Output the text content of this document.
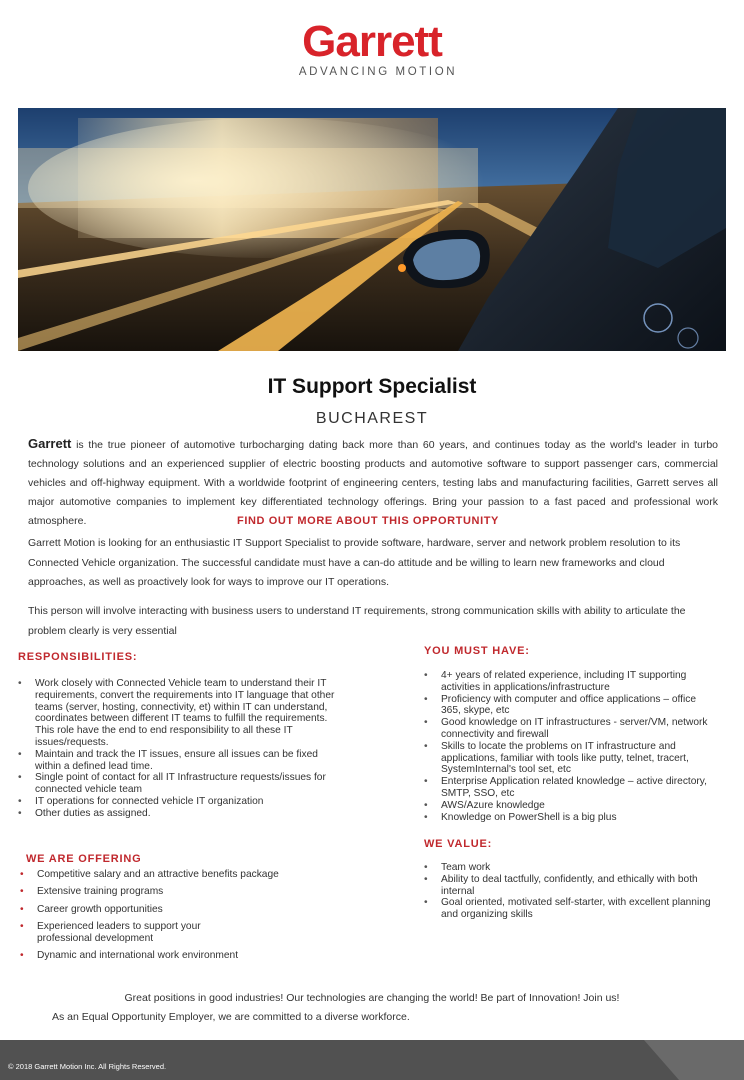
Garrett
ADVANCING MOTION
IT Support Specialist
BUCHAREST
Garrett is the true pioneer of automotive turbocharging dating back more than 60 years, and continues today as the world's leader in turbo technology solutions and an experienced supplier of electric boosting products and automotive software to support passenger cars, commercial vehicles and off-highway equipment. With a worldwide footprint of engineering centers, testing labs and manufacturing facilities, Garrett serves all major automotive companies to implement key differentiated technology offerings. Bring your passion to a fast paced and professional work atmosphere.	FIND OUT MORE ABOUT THIS OPPORTUNITY
Garrett Motion is looking for an enthusiastic IT Support Specialist to provide software, hardware, server and network problem resolution to its Connected Vehicle organization. The successful candidate must have a can-do attitude and be willing to learn new frameworks and cloud approaches, as well as proactively look for ways to improve our IT operations.
This person will involve interacting with business users to understand IT requirements, strong communication skills with ability to articulate the problem clearly is very essential
RESPONSIBILITIES:
• Work closely with Connected Vehicle team to understand their IT requirements, convert the requirements into IT language that other teams (server, hosting, connectivity, et) within IT can understand, coordinates between different IT teams to fulfill the requirements. This role have the end to end responsibility to all these IT issues/requests.
• Maintain and track the IT issues, ensure all issues can be fixed within a defined lead time.
• Single point of contact for all IT Infrastructure requests/issues for connected vehicle team
• IT operations for connected vehicle IT organization
• Other duties as assigned.
WE ARE OFFERING
• Competitive salary and an attractive benefits package
• Extensive training programs
• Career growth opportunities
• Experienced leaders to support your professional development
• Dynamic and international work environment
YOU MUST HAVE:
• 4+ years of related experience, including IT supporting activities in applications/infrastructure
• Proficiency with computer and office applications – office 365, skype, etc
• Good knowledge on IT infrastructures - server/VM, network connectivity and firewall
• Skills to locate the problems on IT infrastructure and applications, familiar with tools like putty, telnet, tracert, SystemInternal's tool set, etc
• Enterprise Application related knowledge – active directory, SMTP, SSO, etc
• AWS/Azure knowledge
• Knowledge on PowerShell is a big plus
WE VALUE:
• Team work
• Ability to deal tactfully, confidently, and ethically with both internal
• Goal oriented, motivated self-starter, with excellent planning and organizing skills
Great positions in good industries! Our technologies are changing the world! Be part of Innovation! Join us!
As an Equal Opportunity Employer, we are committed to a diverse workforce.
© 2018 Garrett Motion Inc. All Rights Reserved.
